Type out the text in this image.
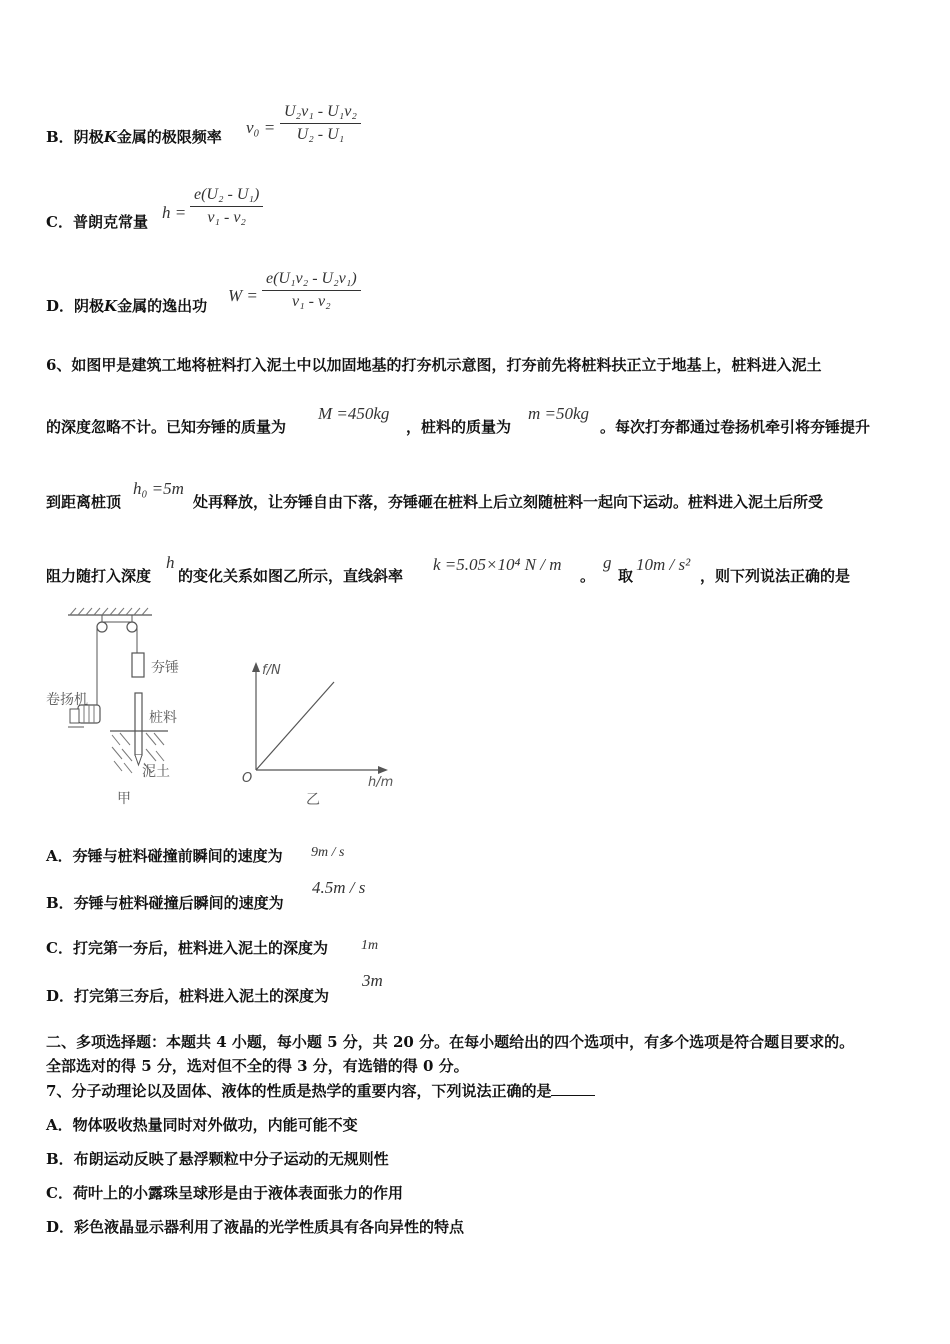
B．阴极K金属的极限频率 $v_0 = \frac{\text{U₂v₁ - U₁v₂}}{\text{U₂ - U₁}}$
C．普朗克常量 $h = \frac{\text{e(U₂ - U₁)}}{\text{v₁ - v₂}}$
D．阴极K金属的逸出功
$W = \frac{\text{e(U₁v₂ - U₂v₁)}}{\text{v₁ - v₂}}$
6、如图甲是建筑工地将桩料打入泥土中以加固地基的打夯机示意图，打夯前先将桩料扶正立于地基上，桩料进入泥土
的深度忽略不计。已知夯锤的质量为
M =450kg
，桩料的质量为
m =50kg
。每次打夯都通过卷扬机牵引将夯锤提升
到距离桩顶
h₀ =5m
处再释放，让夯锤自由下落，夯锤砸在桩料上后立刻随桩料一起向下运动。桩料进入泥土后所受
阻力随打入深度
h
的变化关系如图乙所示，直线斜率
k =5.05×10⁴ N / m
。
g
取
10m / s²
，则下列说法正确的是
夯锤
卷扬机
桩料
泥土
甲
f/N
h/m
O
乙
A．夯锤与桩料碰撞前瞬间的速度为 9m / s
B．夯锤与桩料碰撞后瞬间的速度为
4.5m / s
C．打完第一夯后，桩料进入泥土的深度为 1m
D．打完第三夯后，桩料进入泥土的深度为
3m
二、多项选择题：本题共 4 小题，每小题 5 分，共 20 分。在每小题给出的四个选项中，有多个选项是符合题目要求的。
全部选对的得 5 分，选对但不全的得 3 分，有选错的得 0 分。
7、分子动理论以及固体、液体的性质是热学的重要内容，下列说法正确的是
A．物体吸收热量同时对外做功，内能可能不变
B．布朗运动反映了悬浮颗粒中分子运动的无规则性
C．荷叶上的小露珠呈球形是由于液体表面张力的作用
D．彩色液晶显示器利用了液晶的光学性质具有各向异性的特点
